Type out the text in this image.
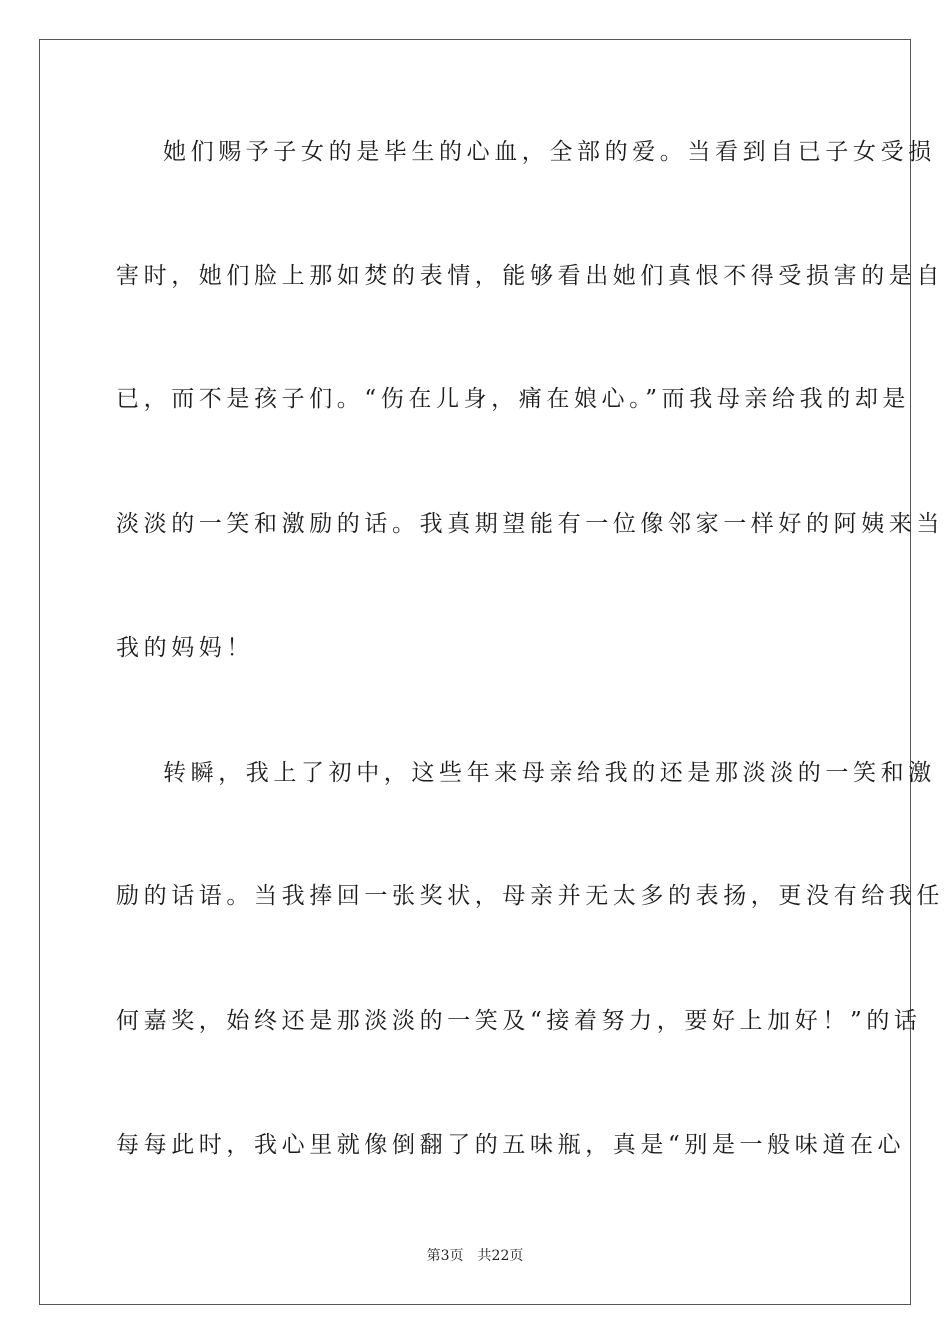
她们赐予子女的是毕生的心血，全部的爱。当看到自已子女受损
害时，她们脸上那如焚的表情，能够看出她们真恨不得受损害的是自
已，而不是孩子们。“伤在儿身，痛在娘心。”而我母亲给我的却是
淡淡的一笑和激励的话。我真期望能有一位像邻家一样好的阿姨来当
我的妈妈！
转瞬，我上了初中，这些年来母亲给我的还是那淡淡的一笑和激
励的话语。当我捧回一张奖状，母亲并无太多的表扬，更没有给我任
何嘉奖，始终还是那淡淡的一笑及“接着努力，要好上加好！”的话
每每此时，我心里就像倒翻了的五味瓶，真是“别是一般味道在心
第3页 共22页
